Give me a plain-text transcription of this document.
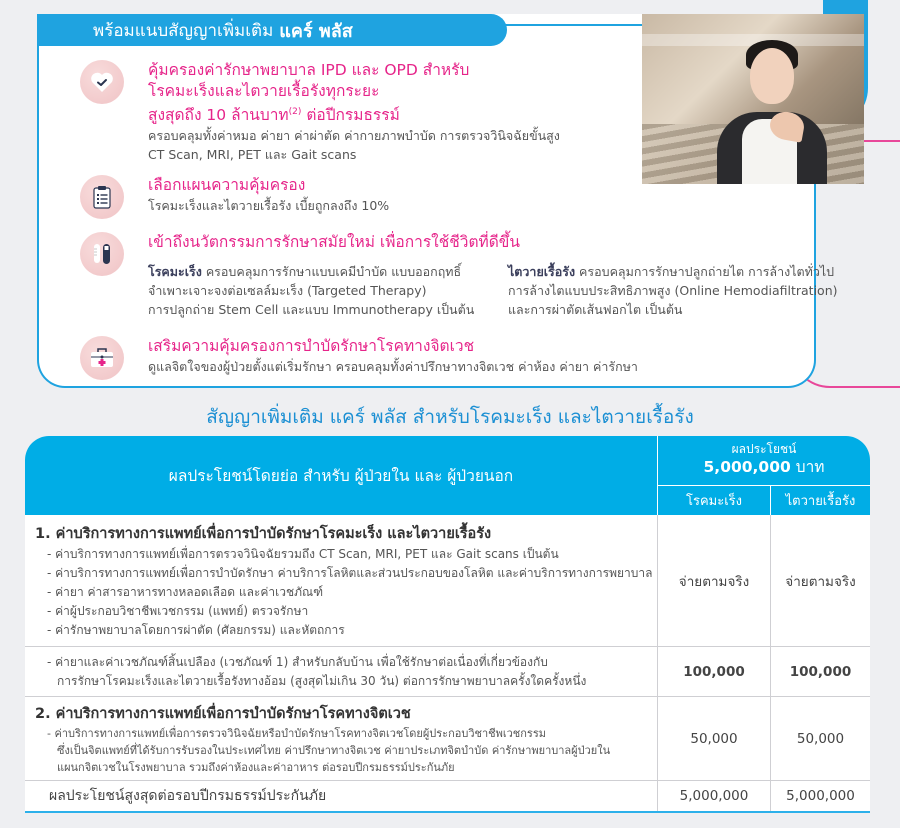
พร้อมแนบสัญญาเพิ่มเติม แคร์ พลัส
คุ้มครองค่ารักษาพยาบาล IPD และ OPD สำหรับ
โรคมะเร็งและไตวายเรื้อรังทุกระยะ
สูงสุดถึง 10 ล้านบาท$^{(2)}$ ต่อปีกรมธรรม์
ครอบคลุมทั้งค่าหมอ ค่ายา ค่าผ่าตัด ค่ากายภาพบำบัด การตรวจวินิจฉัยขั้นสูง
CT Scan, MRI, PET และ Gait scans
เลือกแผนความคุ้มครอง
โรคมะเร็งและไตวายเรื้อรัง เบี้ยถูกลงถึง 10%
เข้าถึงนวัตกรรมการรักษาสมัยใหม่ เพื่อการใช้ชีวิตที่ดีขึ้น
โรคมะเร็ง ครอบคลุมการรักษาแบบเคมีบำบัด แบบออกฤทธิ์
จำเพาะเจาะจงต่อเซลล์มะเร็ง (Targeted Therapy)
การปลูกถ่าย Stem Cell และแบบ Immunotherapy เป็นต้น
ไตวายเรื้อรัง ครอบคลุมการรักษาปลูกถ่ายไต การล้างไตทั่วไป
การล้างไตแบบประสิทธิภาพสูง (Online Hemodiafiltration)
และการผ่าตัดเส้นฟอกไต เป็นต้น
เสริมความคุ้มครองการบำบัดรักษาโรคทางจิตเวช
ดูแลจิตใจของผู้ป่วยตั้งแต่เริ่มรักษา ครอบคลุมทั้งค่าปรึกษาทางจิตเวช ค่าห้อง ค่ายา ค่ารักษา
สัญญาเพิ่มเติม แคร์ พลัส สำหรับโรคมะเร็ง และไตวายเรื้อรัง
ผลประโยชน์โดยย่อ สำหรับ ผู้ป่วยใน และ ผู้ป่วยนอก
ผลประโยชน์
5,000,000 บาท
โรคมะเร็ง	ไตวายเรื้อรัง
1. ค่าบริการทางการแพทย์เพื่อการบำบัดรักษาโรคมะเร็ง และไตวายเรื้อรัง
- ค่าบริการทางการแพทย์เพื่อการตรวจวินิจฉัยรวมถึง CT Scan, MRI, PET และ Gait scans เป็นต้น
- ค่าบริการทางการแพทย์เพื่อการบำบัดรักษา ค่าบริการโลหิตและส่วนประกอบของโลหิต และค่าบริการทางการพยาบาล
- ค่ายา ค่าสารอาหารทางหลอดเลือด และค่าเวชภัณฑ์
- ค่าผู้ประกอบวิชาชีพเวชกรรม (แพทย์) ตรวจรักษา
- ค่ารักษาพยาบาลโดยการผ่าตัด (ศัลยกรรม) และหัตถการ
จ่ายตามจริง	จ่ายตามจริง
- ค่ายาและค่าเวชภัณฑ์สิ้นเปลือง (เวชภัณฑ์ 1) สำหรับกลับบ้าน เพื่อใช้รักษาต่อเนื่องที่เกี่ยวข้องกับ
การรักษาโรคมะเร็งและไตวายเรื้อรังทางอ้อม (สูงสุดไม่เกิน 30 วัน) ต่อการรักษาพยาบาลครั้งใดครั้งหนึ่ง
100,000	100,000
2. ค่าบริการทางการแพทย์เพื่อการบำบัดรักษาโรคทางจิตเวช
- ค่าบริการทางการแพทย์เพื่อการตรวจวินิจฉัยหรือบำบัดรักษาโรคทางจิตเวชโดยผู้ประกอบวิชาชีพเวชกรรม
ซึ่งเป็นจิตแพทย์ที่ได้รับการรับรองในประเทศไทย ค่าปรึกษาทางจิตเวช ค่ายาประเภทจิตบำบัด ค่ารักษาพยาบาลผู้ป่วยใน
แผนกจิตเวชในโรงพยาบาล รวมถึงค่าห้องและค่าอาหาร ต่อรอบปีกรมธรรม์ประกันภัย
50,000	50,000
ผลประโยชน์สูงสุดต่อรอบปีกรมธรรม์ประกันภัย	5,000,000	5,000,000
